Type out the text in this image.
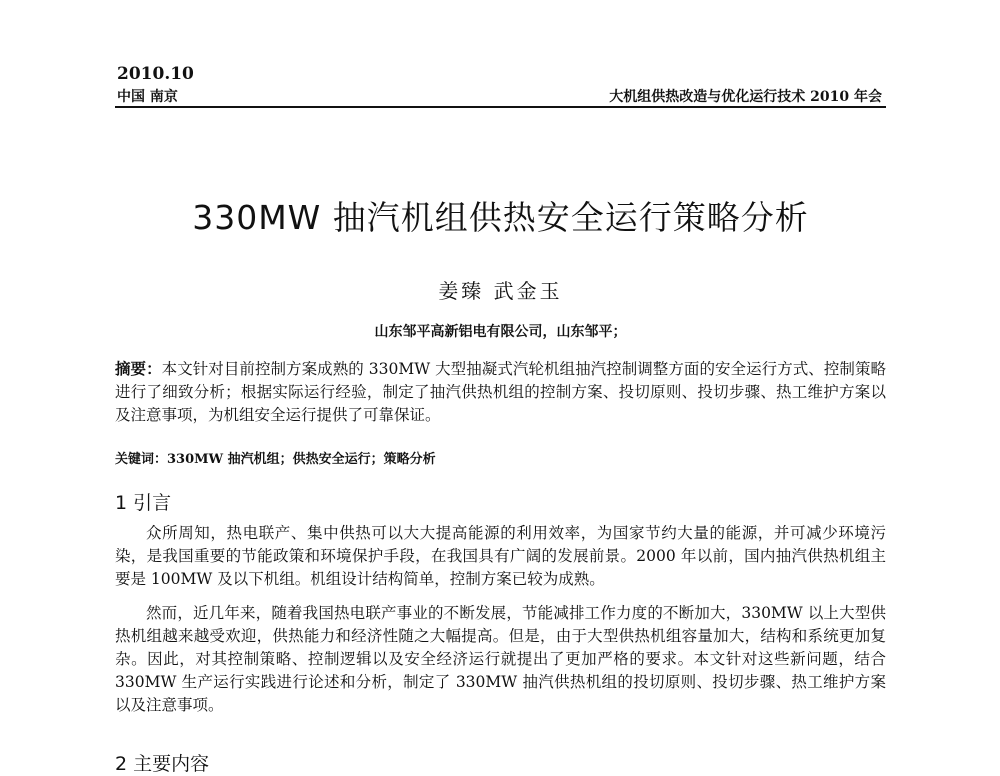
2010.10
中国 南京	大机组供热改造与优化运行技术 2010 年会
330MW 抽汽机组供热安全运行策略分析
姜臻 武金玉
山东邹平高新铝电有限公司，山东邹平；
摘要：本文针对目前控制方案成熟的 330MW 大型抽凝式汽轮机组抽汽控制调整方面的安全运行方式、控制策略进行了细致分析；根据实际运行经验，制定了抽汽供热机组的控制方案、投切原则、投切步骤、热工维护方案以及注意事项，为机组安全运行提供了可靠保证。
关键词：330MW 抽汽机组；供热安全运行；策略分析
1 引言
众所周知，热电联产、集中供热可以大大提高能源的利用效率，为国家节约大量的能源，并可减少环境污染，是我国重要的节能政策和环境保护手段，在我国具有广阔的发展前景。2000 年以前，国内抽汽供热机组主要是 100MW 及以下机组。机组设计结构简单，控制方案已较为成熟。
然而，近几年来，随着我国热电联产事业的不断发展，节能减排工作力度的不断加大，330MW 以上大型供热机组越来越受欢迎，供热能力和经济性随之大幅提高。但是，由于大型供热机组容量加大，结构和系统更加复杂。因此，对其控制策略、控制逻辑以及安全经济运行就提出了更加严格的要求。本文针对这些新问题，结合 330MW 生产运行实践进行论述和分析，制定了 330MW 抽汽供热机组的投切原则、投切步骤、热工维护方案以及注意事项。
2 主要内容
